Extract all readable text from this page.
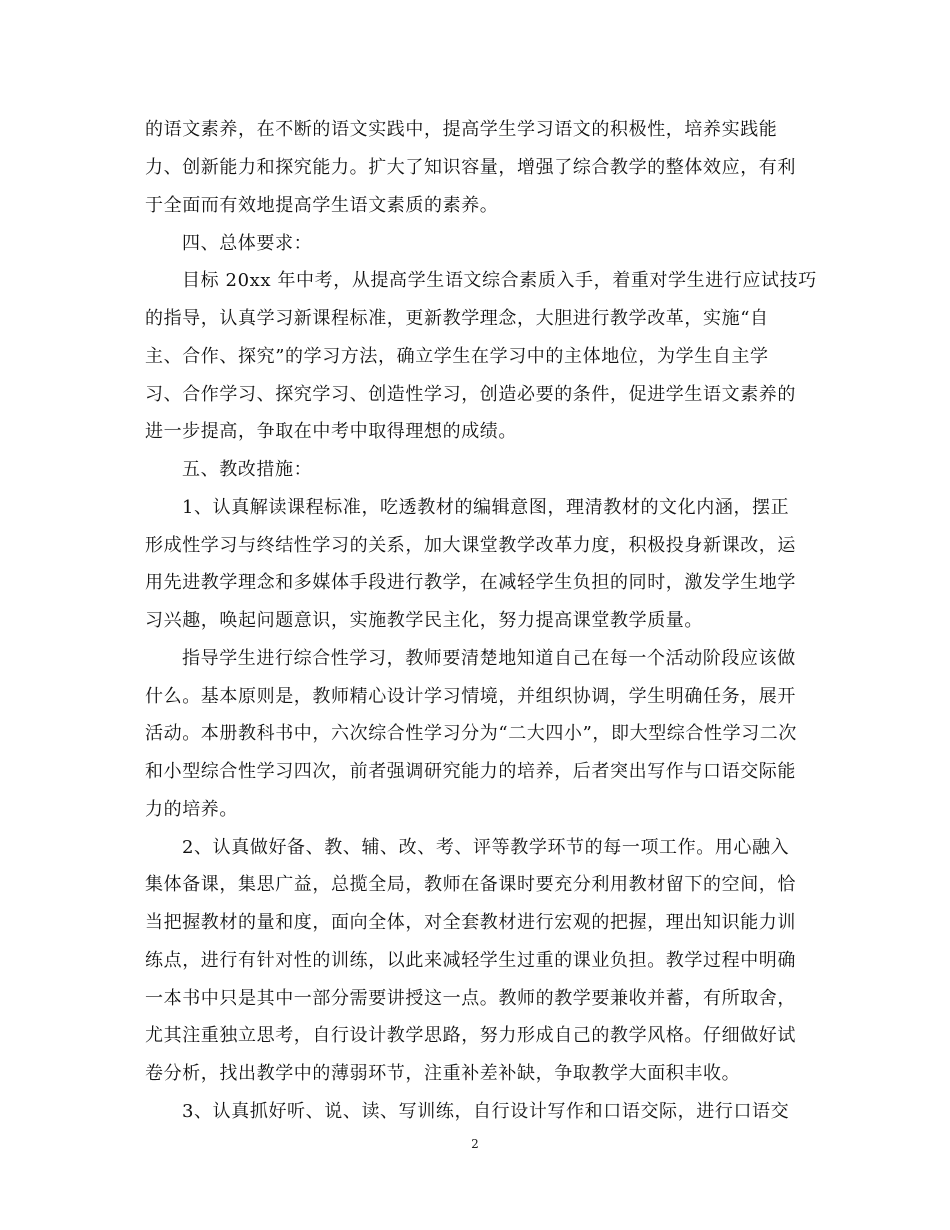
的语文素养，在不断的语文实践中，提高学生学习语文的积极性，培养实践能
力、创新能力和探究能力。扩大了知识容量，增强了综合教学的整体效应，有利
于全面而有效地提高学生语文素质的素养。
四、总体要求：
目标 20xx 年中考，从提高学生语文综合素质入手，着重对学生进行应试技巧
的指导，认真学习新课程标准，更新教学理念，大胆进行教学改革，实施“自
主、合作、探究”的学习方法，确立学生在学习中的主体地位，为学生自主学
习、合作学习、探究学习、创造性学习，创造必要的条件，促进学生语文素养的
进一步提高，争取在中考中取得理想的成绩。
五、教改措施：
1、认真解读课程标准，吃透教材的编辑意图，理清教材的文化内涵，摆正
形成性学习与终结性学习的关系，加大课堂教学改革力度，积极投身新课改，运
用先进教学理念和多媒体手段进行教学，在减轻学生负担的同时，激发学生地学
习兴趣，唤起问题意识，实施教学民主化，努力提高课堂教学质量。
指导学生进行综合性学习，教师要清楚地知道自己在每一个活动阶段应该做
什么。基本原则是，教师精心设计学习情境，并组织协调，学生明确任务，展开
活动。本册教科书中，六次综合性学习分为“二大四小”，即大型综合性学习二次
和小型综合性学习四次，前者强调研究能力的培养，后者突出写作与口语交际能
力的培养。
2、认真做好备、教、辅、改、考、评等教学环节的每一项工作。用心融入
集体备课，集思广益，总揽全局，教师在备课时要充分利用教材留下的空间，恰
当把握教材的量和度，面向全体，对全套教材进行宏观的把握，理出知识能力训
练点，进行有针对性的训练，以此来减轻学生过重的课业负担。教学过程中明确
一本书中只是其中一部分需要讲授这一点。教师的教学要兼收并蓄，有所取舍，
尤其注重独立思考，自行设计教学思路，努力形成自己的教学风格。仔细做好试
卷分析，找出教学中的薄弱环节，注重补差补缺，争取教学大面积丰收。
3、认真抓好听、说、读、写训练，自行设计写作和口语交际，进行口语交
2
